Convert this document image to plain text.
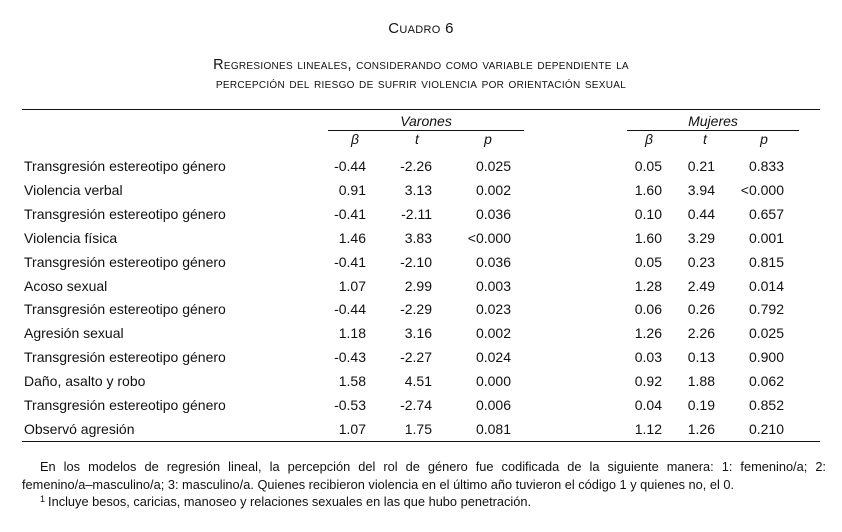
Cuadro 6
Regresiones lineales, considerando como variable dependiente la
percepción del riesgo de sufrir violencia por orientación sexual
Varones	Mujeres
β	t	p	β	t	p
Transgresión estereotipo género	-0.44 -2.26	0.025	0.05 0.21 0.833
Violencia verbal	0.91	3.13	0.002	1.60 3.94 <0.000
Transgresión estereotipo género	-0.41	-2.11	0.036	0.10 0.44 0.657
Violencia física	1.46	3.83	<0.000	1.60 3.29 0.001
Transgresión estereotipo género	-0.41 -2.10	0.036	0.05 0.23 0.815
Acoso sexual	1.07	2.99	0.003	1.28 2.49 0.014
Transgresión estereotipo género	-0.44 -2.29	0.023	0.06 0.26 0.792
Agresión sexual	1.18	3.16	0.002	1.26 2.26 0.025
Transgresión estereotipo género	-0.43 -2.27	0.024	0.03 0.13 0.900
Daño, asalto y robo	1.58	4.51	0.000	0.92 1.88 0.062
Transgresión estereotipo género	-0.53 -2.74	0.006	0.04 0.19 0.852
Observó agresión	1.07	1.75	0.081	1.12 1.26 0.210
En los modelos de regresión lineal, la percepción del rol de género fue codificada de la siguiente manera: 1: femenino/a; 2:
femenino/a–masculino/a; 3: masculino/a. Quienes recibieron violencia en el último año tuvieron el código 1 y quienes no, el 0.
$^1$ Incluye besos, caricias, manoseo y relaciones sexuales en las que hubo penetración.
